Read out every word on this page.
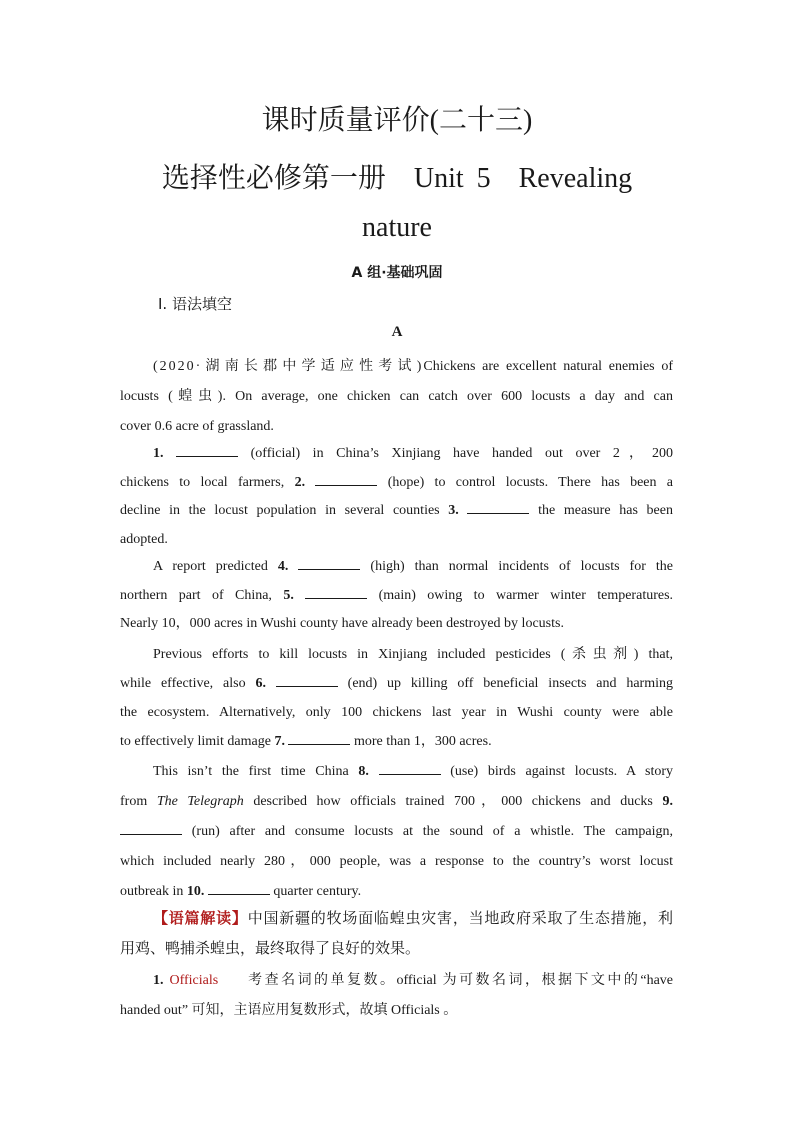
课时质量评价(二十三)
选择性必修第一册　Unit 5　Revealing
nature
A 组·基础巩固
Ⅰ. 语法填空
A
(2020·湖南长郡中学适应性考试)Chickens are excellent natural enemies of
locusts (蝗虫). On average, one chicken can catch over 600 locusts a day and can
cover 0.6 acre of grassland.
1.	(official) in China’s Xinjiang have handed out over 2，200
chickens to local farmers, 2.	(hope) to control locusts. There has been a
decline in the locust population in several counties 3.	the measure has been
adopted.
A report predicted 4.	(high) than normal incidents of locusts for the
northern part of China, 5.	(main) owing to warmer winter temperatures.
Nearly 10，000 acres in Wushi county have already been destroyed by locusts.
Previous efforts to kill locusts in Xinjiang included pesticides (杀虫剂) that,
while effective, also 6.	(end) up killing off beneficial insects and harming
the ecosystem. Alternatively, only 100 chickens last year in Wushi county were able
to effectively limit damage 7.	more than 1，300 acres.
This isn’t the first time China 8.	(use) birds against locusts. A story
from The Telegraph described how officials trained 700，000 chickens and ducks 9.
(run) after and consume locusts at the sound of a whistle. The campaign,
which included nearly 280，000 people, was a response to the country’s worst locust
outbreak in 10.	quarter century.
【语篇解读】中国新疆的牧场面临蝗虫灾害，当地政府采取了生态措施，利
用鸡、鸭捕杀蝗虫，最终取得了良好的效果。
1. Officials 考查名词的单复数。official 为可数名词，根据下文中的“have
handed out” 可知，主语应用复数形式，故填 Officials 。
